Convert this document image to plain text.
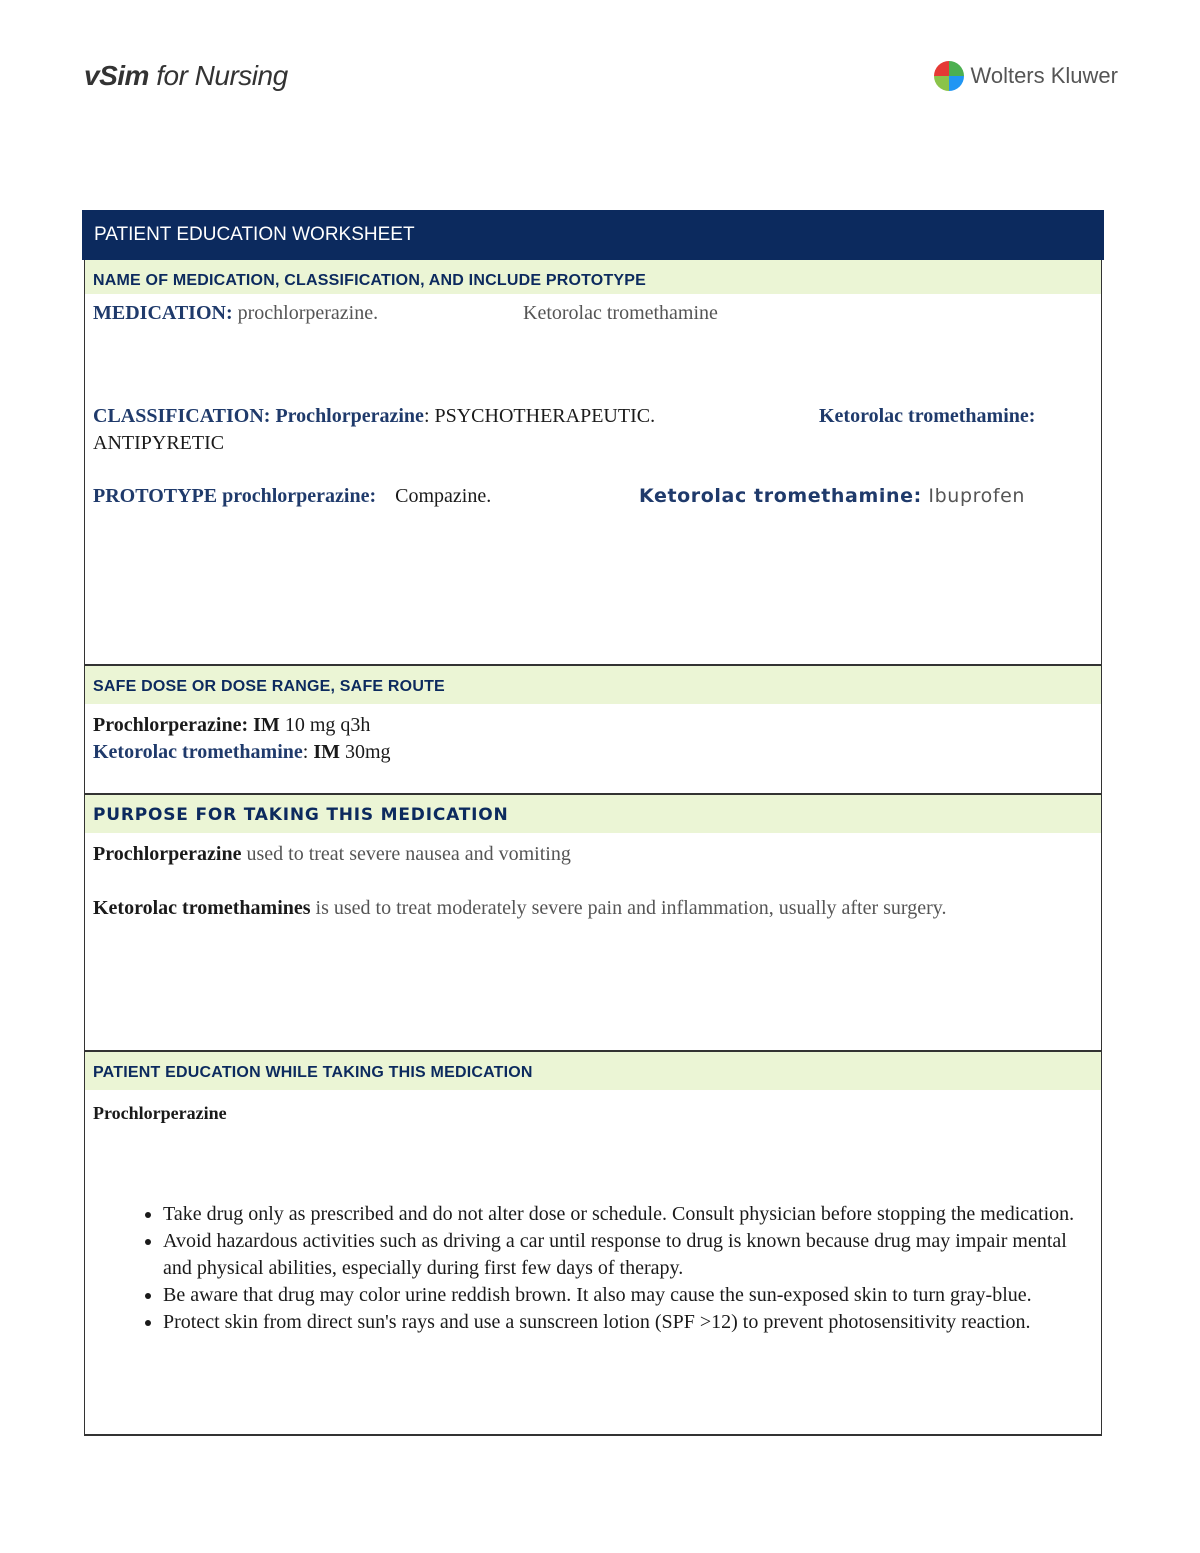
vSim for Nursing	Wolters Kluwer
PATIENT EDUCATION WORKSHEET
NAME OF MEDICATION, CLASSIFICATION, AND INCLUDE PROTOTYPE
MEDICATION: prochlorperazine.	Ketorolac tromethamine
CLASSIFICATION: Prochlorperazine: PSYCHOTHERAPEUTIC.	Ketorolac tromethamine:
ANTIPYRETIC
PROTOTYPE prochlorperazine: Compazine.	Ketorolac tromethamine: Ibuprofen
SAFE DOSE OR DOSE RANGE, SAFE ROUTE
Prochlorperazine: IM 10 mg q3h
Ketorolac tromethamine: IM 30mg
PURPOSE FOR TAKING THIS MEDICATION
Prochlorperazine used to treat severe nausea and vomiting
Ketorolac tromethamines is used to treat moderately severe pain and inflammation, usually after surgery.
PATIENT EDUCATION WHILE TAKING THIS MEDICATION
Prochlorperazine
• Take drug only as prescribed and do not alter dose or schedule. Consult physician before stopping the medication.
• Avoid hazardous activities such as driving a car until response to drug is known because drug may impair mental and physical abilities, especially during first few days of therapy.
• Be aware that drug may color urine reddish brown. It also may cause the sun-exposed skin to turn gray-blue.
• Protect skin from direct sun's rays and use a sunscreen lotion (SPF >12) to prevent photosensitivity reaction.
